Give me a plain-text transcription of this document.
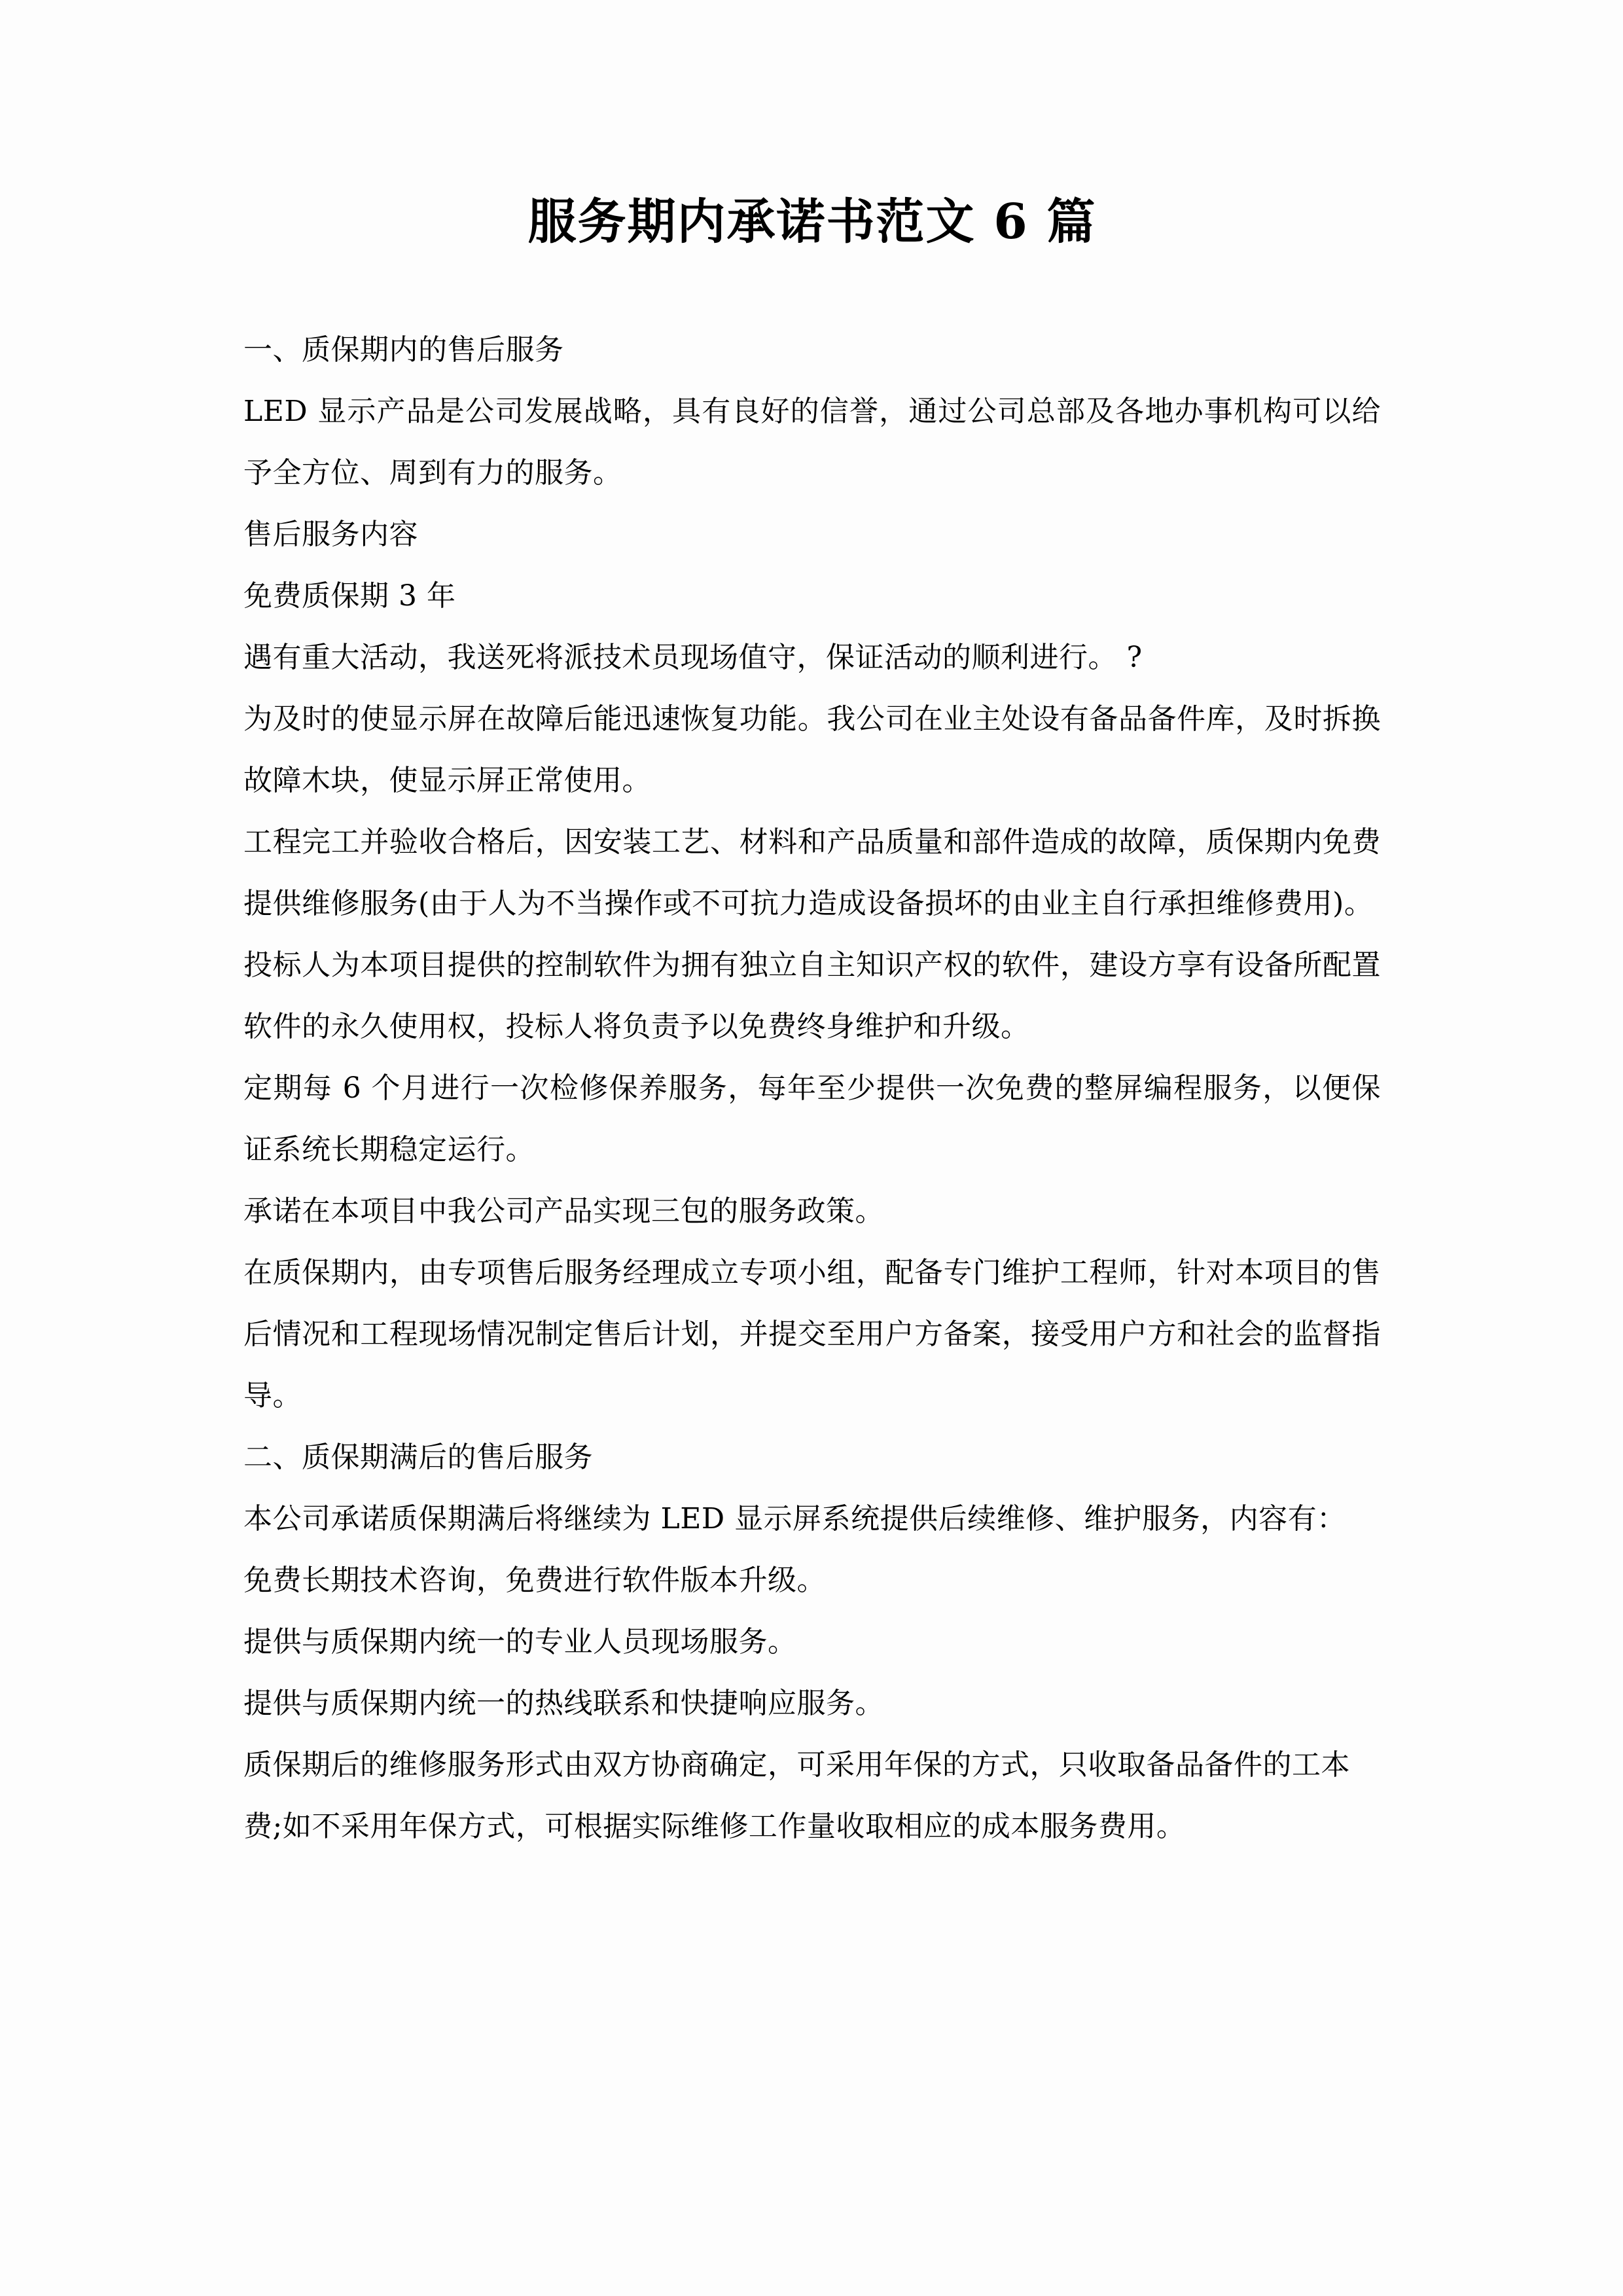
服务期内承诺书范文 6 篇

一、质保期内的售后服务

LED 显示产品是公司发展战略，具有良好的信誉，通过公司总部及各地办事机构可以给予全方位、周到有力的服务。

售后服务内容

免费质保期 3 年

遇有重大活动，我送死将派技术员现场值守，保证活动的顺利进行。 ?

为及时的使显示屏在故障后能迅速恢复功能。我公司在业主处设有备品备件库，及时拆换故障木块，使显示屏正常使用。

工程完工并验收合格后，因安装工艺、材料和产品质量和部件造成的故障，质保期内免费提供维修服务(由于人为不当操作或不可抗力造成设备损坏的由业主自行承担维修费用)。

投标人为本项目提供的控制软件为拥有独立自主知识产权的软件，建设方享有设备所配置软件的永久使用权，投标人将负责予以免费终身维护和升级。

定期每 6 个月进行一次检修保养服务，每年至少提供一次免费的整屏编程服务，以便保证系统长期稳定运行。

承诺在本项目中我公司产品实现三包的服务政策。

在质保期内，由专项售后服务经理成立专项小组，配备专门维护工程师，针对本项目的售后情况和工程现场情况制定售后计划，并提交至用户方备案，接受用户方和社会的监督指导。

二、质保期满后的售后服务

本公司承诺质保期满后将继续为 LED 显示屏系统提供后续维修、维护服务，内容有：

免费长期技术咨询，免费进行软件版本升级。

提供与质保期内统一的专业人员现场服务。

提供与质保期内统一的热线联系和快捷响应服务。

质保期后的维修服务形式由双方协商确定，可采用年保的方式，只收取备品备件的工本费;如不采用年保方式，可根据实际维修工作量收取相应的成本服务费用。
